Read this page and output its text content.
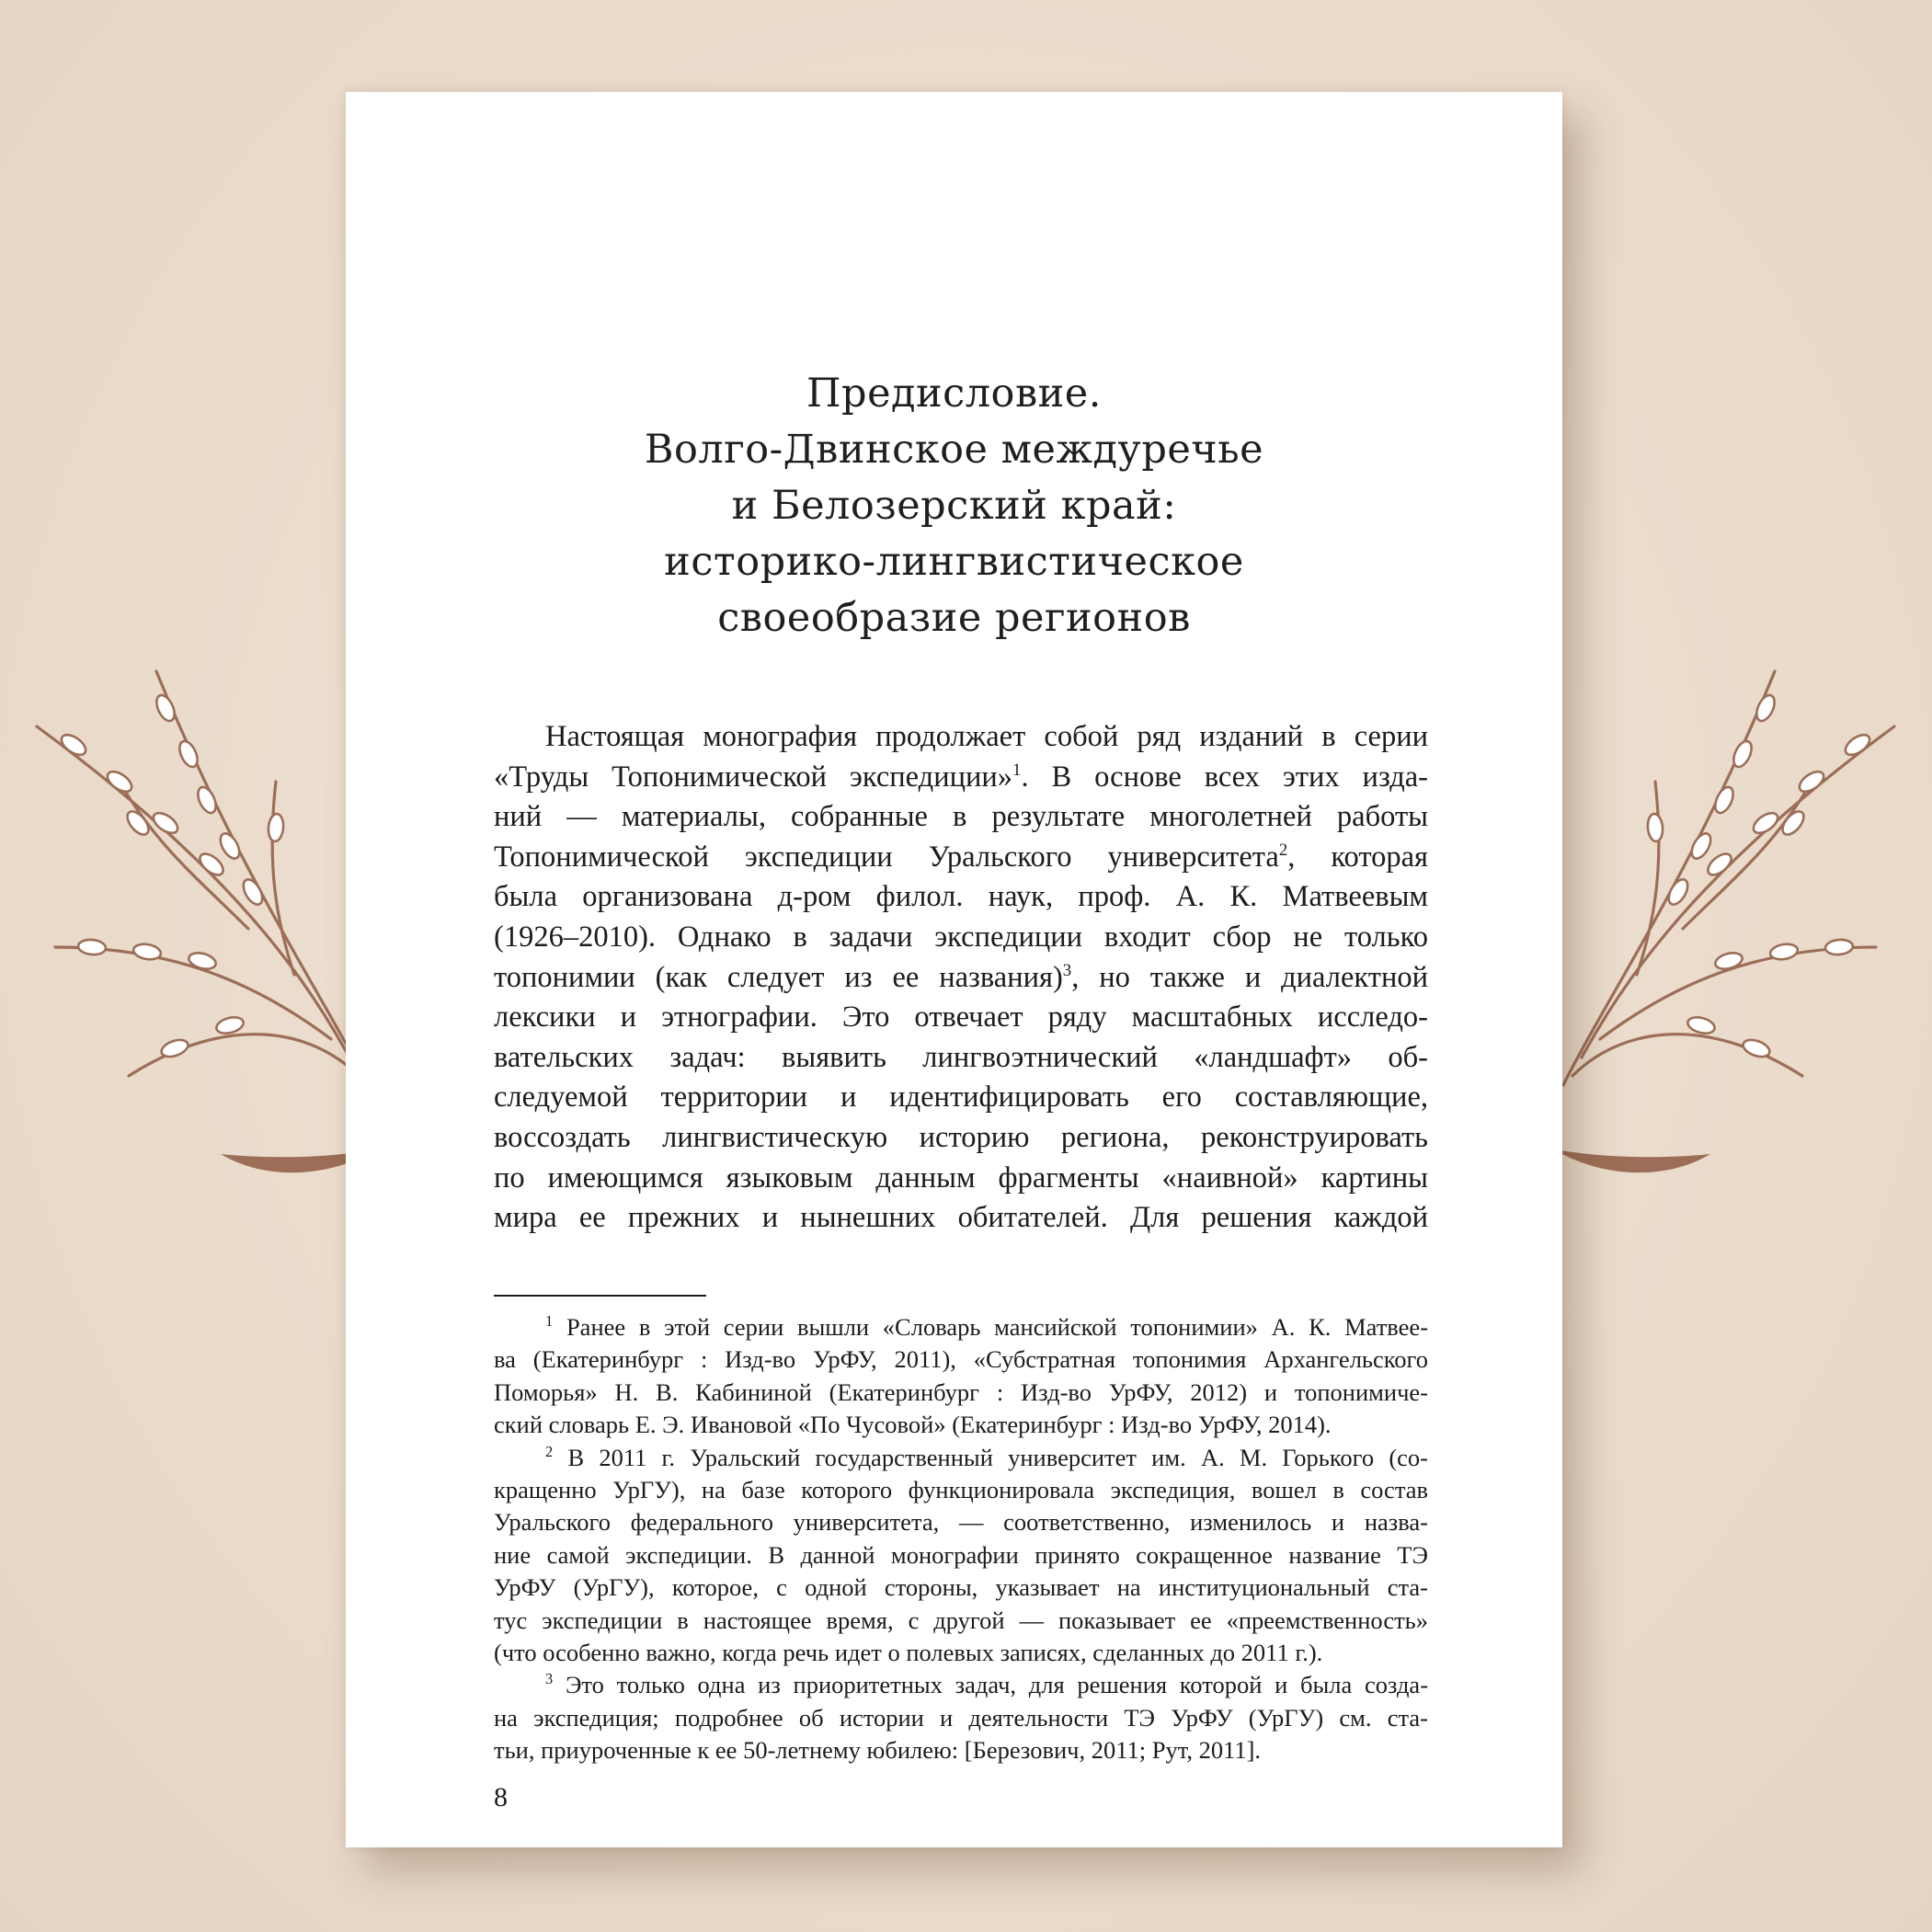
Предисловие.
Волго-Двинское междуречье
и Белозерский край:
историко-лингвистическое
своеобразие регионов
Настоящая монография продолжает собой ряд изданий в серии
«Труды Топонимической экспедиции»$^1$. В основе всех этих изда-
ний — материалы, собранные в результате многолетней работы
Топонимической экспедиции Уральского университета$^2$, которая
была организована д-ром филол. наук, проф. А. К. Матвеевым
(1926–2010). Однако в задачи экспедиции входит сбор не только
топонимии (как следует из ее названия)$^3$, но также и диалектной
лексики и этнографии. Это отвечает ряду масштабных исследо-
вательских задач: выявить лингвоэтнический «ландшафт» об-
следуемой территории и идентифицировать его составляющие,
воссоздать лингвистическую историю региона, реконструировать
по имеющимся языковым данным фрагменты «наивной» картины
мира ее прежних и нынешних обитателей. Для решения каждой
$^1$ Ранее в этой серии вышли «Словарь мансийской топонимии» А. К. Матвее-
ва (Екатеринбург : Изд-во УрФУ, 2011), «Субстратная топонимия Архангельского
Поморья» Н. В. Кабининой (Екатеринбург : Изд-во УрФУ, 2012) и топонимиче-
ский словарь Е. Э. Ивановой «По Чусовой» (Екатеринбург : Изд-во УрФУ, 2014).
$^2$ В 2011 г. Уральский государственный университет им. А. М. Горького (со-
кращенно УрГУ), на базе которого функционировала экспедиция, вошел в состав
Уральского федерального университета, — соответственно, изменилось и назва-
ние самой экспедиции. В данной монографии принято сокращенное название ТЭ
УрФУ (УрГУ), которое, с одной стороны, указывает на институциональный ста-
тус экспедиции в настоящее время, с другой — показывает ее «преемственность»
(что особенно важно, когда речь идет о полевых записях, сделанных до 2011 г.).
$^3$ Это только одна из приоритетных задач, для решения которой и была созда-
на экспедиция; подробнее об истории и деятельности ТЭ УрФУ (УрГУ) см. ста-
тьи, приуроченные к ее 50-летнему юбилею: [Березович, 2011; Рут, 2011].
8
